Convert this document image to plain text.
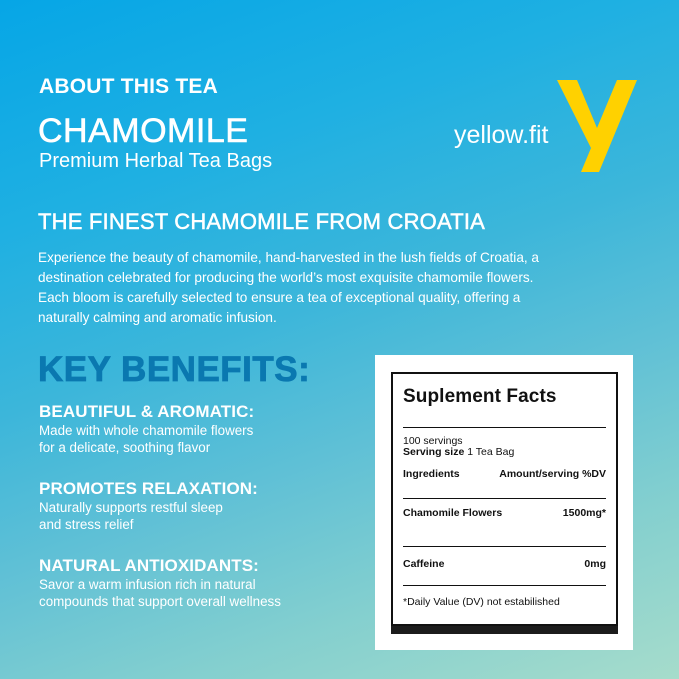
ABOUT THIS TEA
CHAMOMILE
Premium Herbal Tea Bags
yellow.fit
THE FINEST CHAMOMILE FROM CROATIA
Experience the beauty of chamomile, hand-harvested in the lush fields of Croatia, a destination celebrated for producing the world’s most exquisite chamomile flowers. Each bloom is carefully selected to ensure a tea of exceptional quality, offering a naturally calming and aromatic infusion.
KEY BENEFITS:
BEAUTIFUL & AROMATIC:
Made with whole chamomile flowers
for a delicate, soothing flavor
PROMOTES RELAXATION:
Naturally supports restful sleep
and stress relief
NATURAL ANTIOXIDANTS:
Savor a warm infusion rich in natural
compounds that support overall wellness
Suplement Facts
100 servings
Serving size 1 Tea Bag
Ingredients	Amount/serving %DV
Chamomile Flowers	1500mg*
Caffeine	0mg
*Daily Value (DV) not estabilished
